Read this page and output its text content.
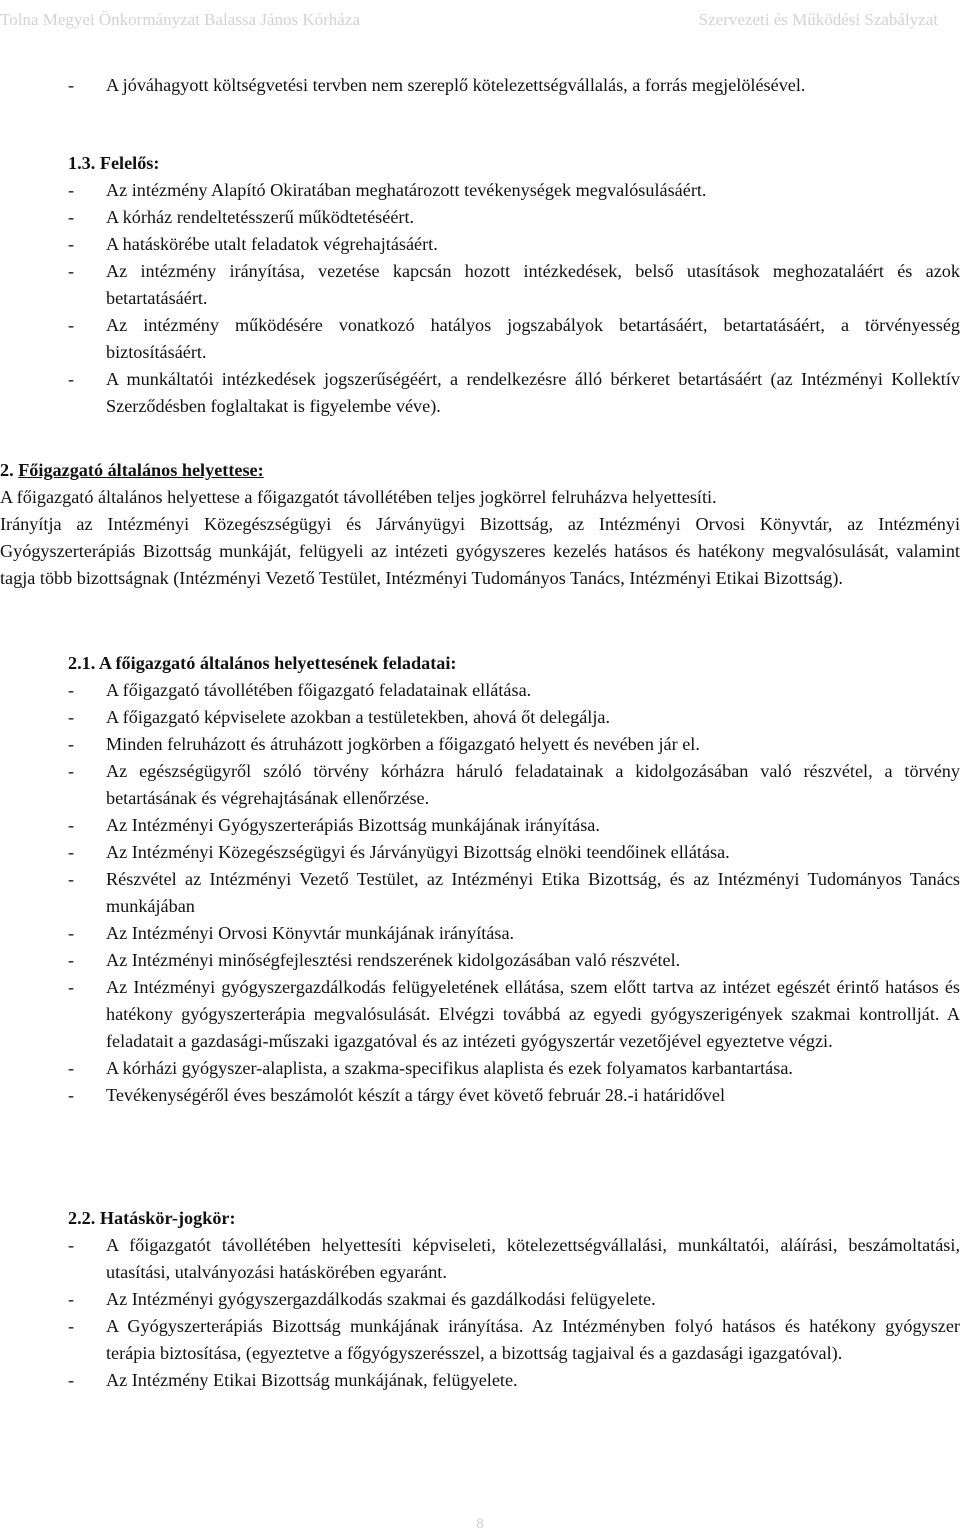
Tolna Megyei Önkormányzat Balassa János Kórháza	Szervezeti és Működési Szabályzat
-	A jóváhagyott költségvetési tervben nem szereplő kötelezettségvállalás, a forrás megjelölésével.
1.3. Felelős:
-	Az intézmény Alapító Okiratában meghatározott tevékenységek megvalósulásáért.
-	A kórház rendeltetésszerű működtetéséért.
-	A hatáskörébe utalt feladatok végrehajtásáért.
-	Az intézmény irányítása, vezetése kapcsán hozott intézkedések, belső utasítások meghozataláért és azok betartatásáért.
-	Az intézmény működésére vonatkozó hatályos jogszabályok betartásáért, betartatásáért, a törvényesség biztosításáért.
-	A munkáltatói intézkedések jogszerűségéért, a rendelkezésre álló bérkeret betartásáért (az Intézményi Kollektív Szerződésben foglaltakat is figyelembe véve).
2. Főigazgató általános helyettese:
A főigazgató általános helyettese a főigazgatót távollétében teljes jogkörrel felruházva helyettesíti.
Irányítja az Intézményi Közegészségügyi és Járványügyi Bizottság, az Intézményi Orvosi Könyvtár, az Intézményi Gyógyszerterápiás Bizottság munkáját, felügyeli az intézeti gyógyszeres kezelés hatásos és hatékony megvalósulását, valamint tagja több bizottságnak (Intézményi Vezető Testület, Intézményi Tudományos Tanács, Intézményi Etikai Bizottság).
2.1. A főigazgató általános helyettesének feladatai:
-	A főigazgató távollétében főigazgató feladatainak ellátása.
-	A főigazgató képviselete azokban a testületekben, ahová őt delegálja.
-	Minden felruházott és átruházott jogkörben a főigazgató helyett és nevében jár el.
-	Az egészségügyről szóló törvény kórházra háruló feladatainak a kidolgozásában való részvétel, a törvény betartásának és végrehajtásának ellenőrzése.
-	Az Intézményi Gyógyszerterápiás Bizottság munkájának irányítása.
-	Az Intézményi Közegészségügyi és Járványügyi Bizottság elnöki teendőinek ellátása.
-	Részvétel az Intézményi Vezető Testület, az Intézményi Etika Bizottság, és az Intézményi Tudományos Tanács munkájában
-	Az Intézményi Orvosi Könyvtár munkájának irányítása.
-	Az Intézményi minőségfejlesztési rendszerének kidolgozásában való részvétel.
-	Az Intézményi gyógyszergazdálkodás felügyeletének ellátása, szem előtt tartva az intézet egészét érintő hatásos és hatékony gyógyszerterápia megvalósulását. Elvégzi továbbá az egyedi gyógyszerigények szakmai kontrollját. A feladatait a gazdasági-műszaki igazgatóval és az intézeti gyógyszertár vezetőjével egyeztetve végzi.
-	A kórházi gyógyszer-alaplista, a szakma-specifikus alaplista és ezek folyamatos karbantartása.
-	Tevékenységéről éves beszámolót készít a tárgy évet követő február 28.-i határidővel
2.2. Hatáskör-jogkör:
-	A főigazgatót távollétében helyettesíti képviseleti, kötelezettségvállalási, munkáltatói, aláírási, beszámoltatási, utasítási, utalványozási hatáskörében egyaránt.
-	Az Intézményi gyógyszergazdálkodás szakmai és gazdálkodási felügyelete.
-	A Gyógyszerterápiás Bizottság munkájának irányítása. Az Intézményben folyó hatásos és hatékony gyógyszer terápia biztosítása, (egyeztetve a főgyógyszerésszel, a bizottság tagjaival és a gazdasági igazgatóval).
-	Az Intézmény Etikai Bizottság munkájának, felügyelete.
8
